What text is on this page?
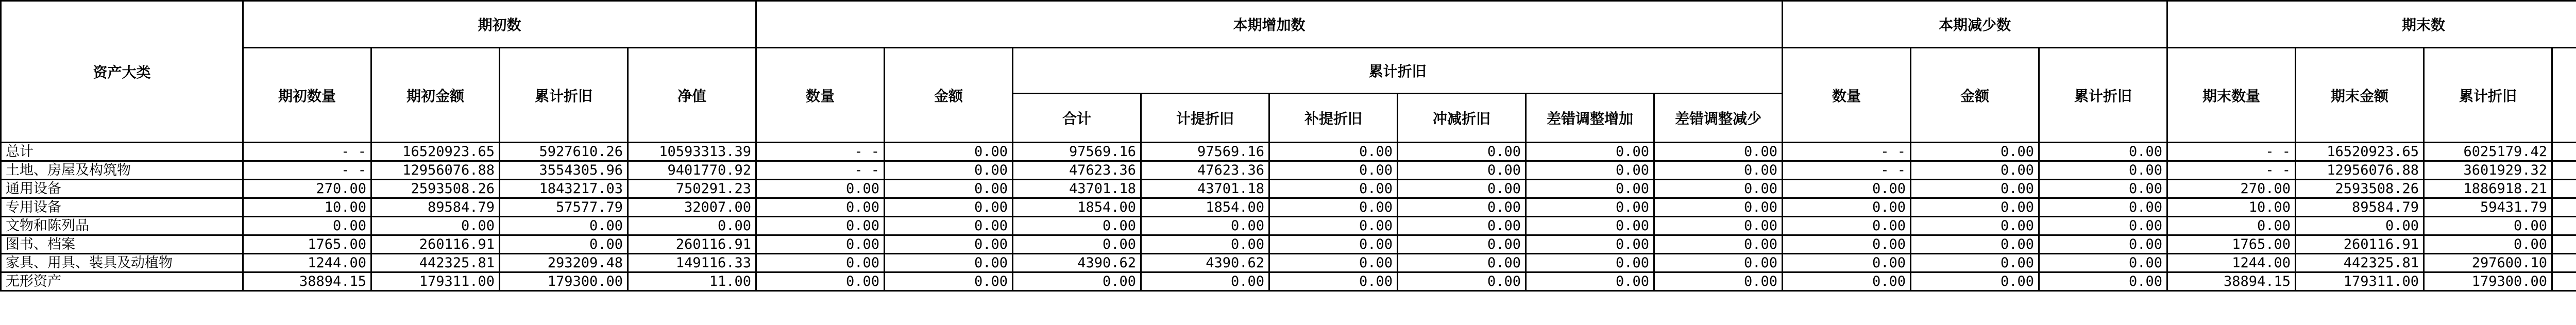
资产大类	期初数				本期增加数								本期减少数			期末数			
	期初数量	期初金额	累计折旧	净值	数量	金额	累计折旧						数量	金额	累计折旧	期末数量	期末金额	累计折旧	
							合计	计提折旧	补提折旧	冲减折旧	差错调整增加	差错调整减少							
总计	- -	16520923.65	5927610.26	10593313.39	- -	0.00	97569.16	97569.16	0.00	0.00	0.00	0.00	- -	0.00	0.00	- -	16520923.65	6025179.42	
土地、房屋及构筑物	- -	12956076.88	3554305.96	9401770.92	- -	0.00	47623.36	47623.36	0.00	0.00	0.00	0.00	- -	0.00	0.00	- -	12956076.88	3601929.32	
通用设备	270.00	2593508.26	1843217.03	750291.23	0.00	0.00	43701.18	43701.18	0.00	0.00	0.00	0.00	0.00	0.00	0.00	270.00	2593508.26	1886918.21	
专用设备	10.00	89584.79	57577.79	32007.00	0.00	0.00	1854.00	1854.00	0.00	0.00	0.00	0.00	0.00	0.00	0.00	10.00	89584.79	59431.79	
文物和陈列品	0.00	0.00	0.00	0.00	0.00	0.00	0.00	0.00	0.00	0.00	0.00	0.00	0.00	0.00	0.00	0.00	0.00	0.00	
图书、档案	1765.00	260116.91	0.00	260116.91	0.00	0.00	0.00	0.00	0.00	0.00	0.00	0.00	0.00	0.00	0.00	1765.00	260116.91	0.00	
家具、用具、装具及动植物	1244.00	442325.81	293209.48	149116.33	0.00	0.00	4390.62	4390.62	0.00	0.00	0.00	0.00	0.00	0.00	0.00	1244.00	442325.81	297600.10	
无形资产	38894.15	179311.00	179300.00	11.00	0.00	0.00	0.00	0.00	0.00	0.00	0.00	0.00	0.00	0.00	0.00	38894.15	179311.00	179300.00	
